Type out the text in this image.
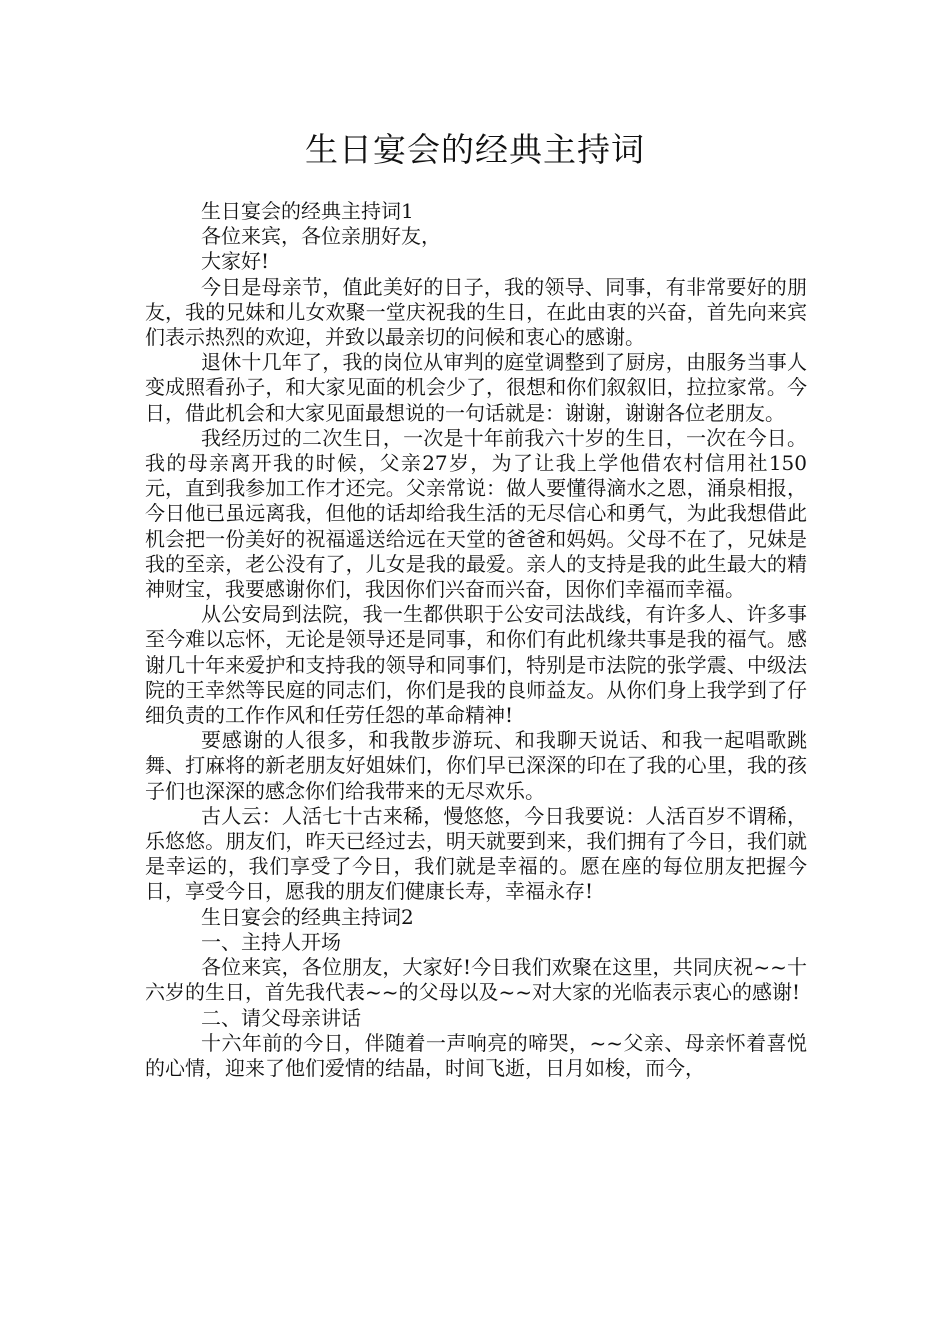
生日宴会的经典主持词

生日宴会的经典主持词1

各位来宾，各位亲朋好友，

大家好!

今日是母亲节，值此美好的日子，我的领导、同事，有非常要好的朋友，我的兄妹和儿女欢聚一堂庆祝我的生日，在此由衷的兴奋，首先向来宾们表示热烈的欢迎，并致以最亲切的问候和衷心的感谢。

退休十几年了，我的岗位从审判的庭堂调整到了厨房，由服务当事人变成照看孙子，和大家见面的机会少了，很想和你们叙叙旧，拉拉家常。今日，借此机会和大家见面最想说的一句话就是：谢谢，谢谢各位老朋友。

我经历过的二次生日，一次是十年前我六十岁的生日，一次在今日。我的母亲离开我的时候，父亲27岁，为了让我上学他借农村信用社150元，直到我参加工作才还完。父亲常说：做人要懂得滴水之恩，涌泉相报，今日他已虽远离我，但他的话却给我生活的无尽信心和勇气，为此我想借此机会把一份美好的祝福遥送给远在天堂的爸爸和妈妈。父母不在了，兄妹是我的至亲，老公没有了，儿女是我的最爱。亲人的支持是我的此生最大的精神财宝，我要感谢你们，我因你们兴奋而兴奋，因你们幸福而幸福。

从公安局到法院，我一生都供职于公安司法战线，有许多人、许多事至今难以忘怀，无论是领导还是同事，和你们有此机缘共事是我的福气。感谢几十年来爱护和支持我的领导和同事们，特别是市法院的张学震、中级法院的王幸然等民庭的同志们，你们是我的良师益友。从你们身上我学到了仔细负责的工作作风和任劳任怨的革命精神!

要感谢的人很多，和我散步游玩、和我聊天说话、和我一起唱歌跳舞、打麻将的新老朋友好姐妹们，你们早已深深的印在了我的心里，我的孩子们也深深的感念你们给我带来的无尽欢乐。

古人云：人活七十古来稀，慢悠悠，今日我要说：人活百岁不谓稀，乐悠悠。朋友们，昨天已经过去，明天就要到来，我们拥有了今日，我们就是幸运的，我们享受了今日，我们就是幸福的。愿在座的每位朋友把握今日，享受今日，愿我的朋友们健康长寿，幸福永存!

生日宴会的经典主持词2

一、主持人开场

各位来宾，各位朋友，大家好!今日我们欢聚在这里，共同庆祝~~十六岁的生日，首先我代表~~的父母以及~~对大家的光临表示衷心的感谢!

二、请父母亲讲话

十六年前的今日，伴随着一声响亮的啼哭，~~父亲、母亲怀着喜悦的心情，迎来了他们爱情的结晶，时间飞逝，日月如梭，而今，
